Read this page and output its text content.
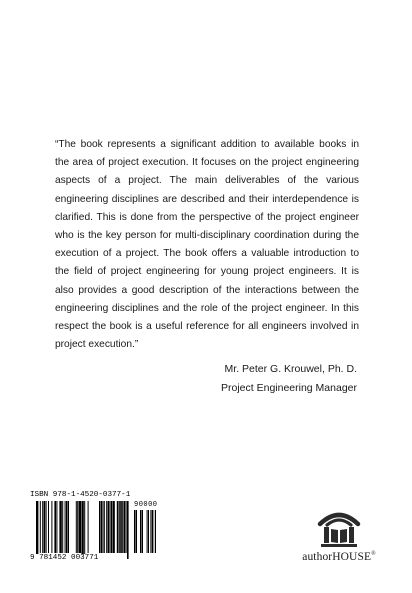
“The book represents a significant addition to available books in the area of project execution. It focuses on the project engineering aspects of a project. The main deliverables of the various engineering disciplines are described and their interdependence is clarified. This is done from the perspective of the project engineer who is the key person for multi-disciplinary coordination during the execution of a project. The book offers a valuable introduction to the field of project engineering for young project engineers. It is also provides a good description of the interactions between the engineering disciplines and the role of the project engineer. In this respect the book is a useful reference for all engineers involved in project execution.”

Mr. Peter G. Krouwel, Ph. D.
Project Engineering Manager
ISBN 978-1-4520-0377-1
90000
9 781452 003771	authorHOUSE®
